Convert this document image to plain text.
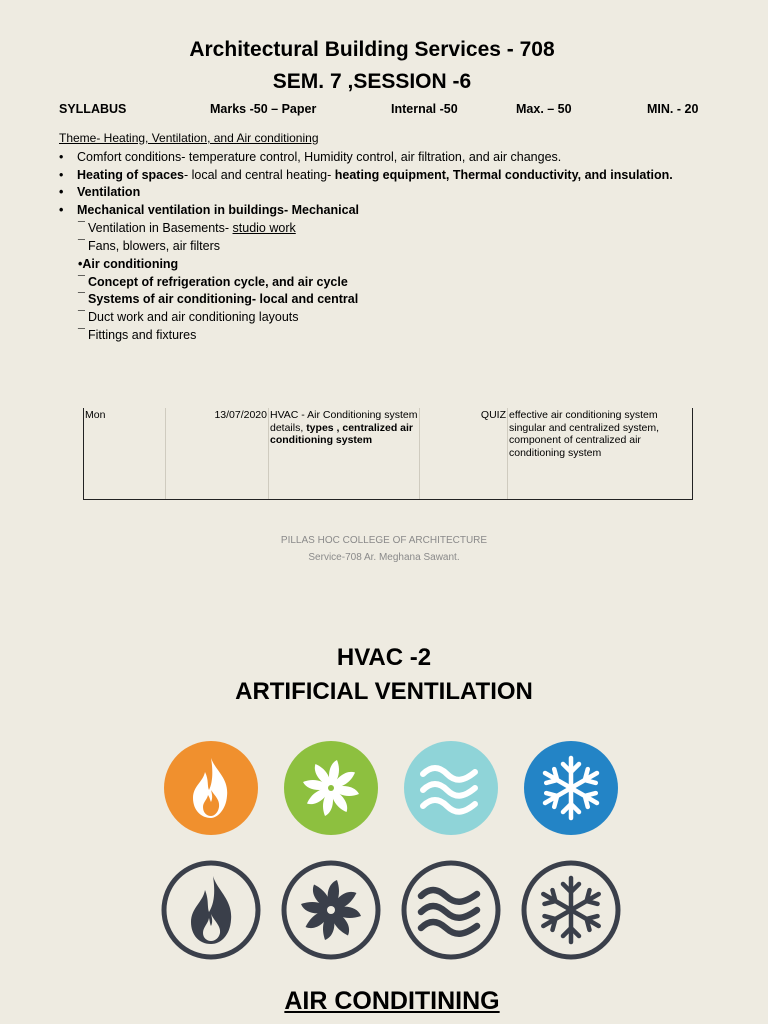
Architectural Building Services - 708
SEM. 7 ,SESSION -6
SYLLABUS	Marks -50 – Paper	Internal -50	Max. – 50	MIN. - 20
Theme- Heating, Ventilation, and Air conditioning
• Comfort conditions- temperature control, Humidity control, air filtration, and air changes.
• Heating of spaces- local and central heating- heating equipment, Thermal conductivity, and insulation.
• Ventilation
• Mechanical ventilation in buildings- Mechanical
¯ Ventilation in Basements- studio work
¯ Fans, blowers, air filters
•Air conditioning
¯ Concept of refrigeration cycle, and air cycle
¯ Systems of air conditioning- local and central
¯ Duct work and air conditioning layouts
¯ Fittings and fixtures
Mon	13/07/2020	HVAC - Air Conditioning system details, types , centralized air conditioning system	QUIZ	effective air conditioning system singular and centralized system, component of centralized air conditioning system
PILLAS HOC COLLEGE OF ARCHITECTURE
Service-708 Ar. Meghana Sawant.
HVAC -2
ARTIFICIAL VENTILATION
AIR CONDITINING
